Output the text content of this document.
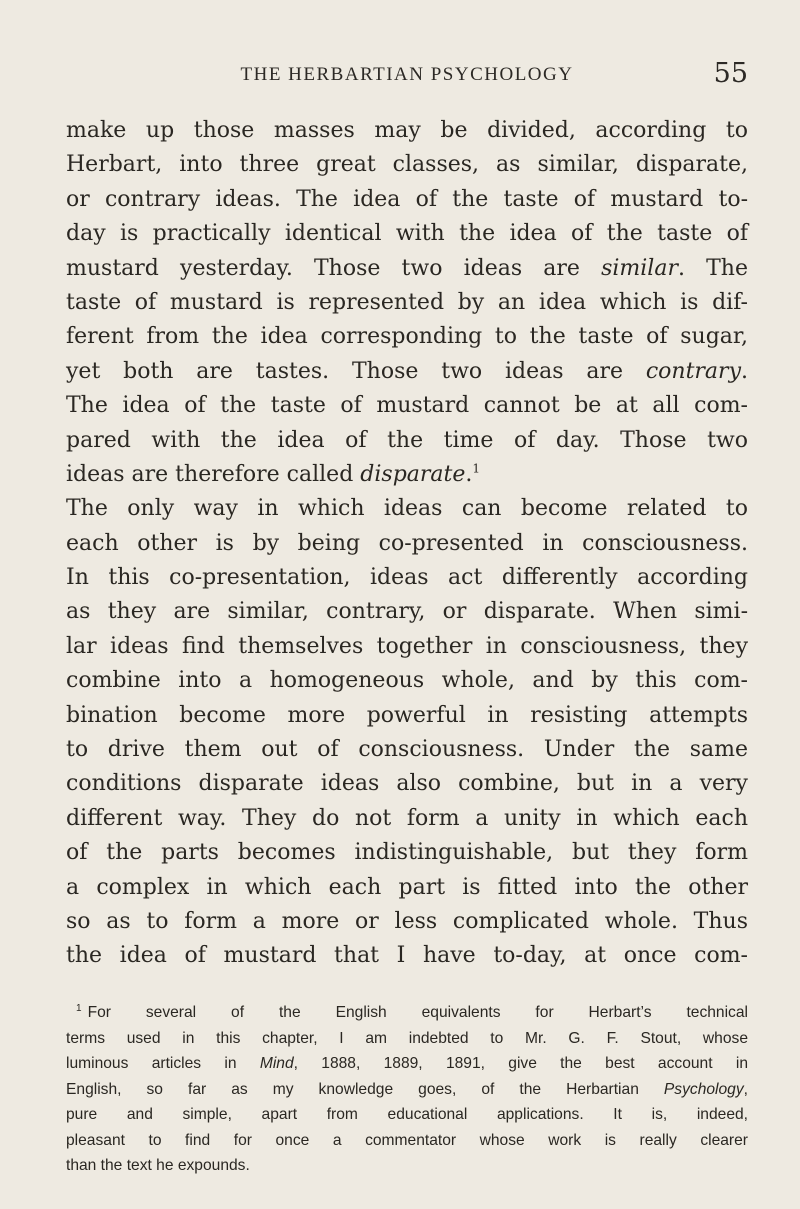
THE HERBARTIAN PSYCHOLOGY	55
make up those masses may be divided, according to
Herbart, into three great classes, as similar, disparate,
or contrary ideas. The idea of the taste of mustard to-
day is practically identical with the idea of the taste of
mustard yesterday. Those two ideas are similar. The
taste of mustard is represented by an idea which is dif-
ferent from the idea corresponding to the taste of sugar,
yet both are tastes. Those two ideas are contrary.
The idea of the taste of mustard cannot be at all com-
pared with the idea of the time of day. Those two
ideas are therefore called disparate.$^1$
The only way in which ideas can become related to
each other is by being co-presented in consciousness.
In this co-presentation, ideas act differently according
as they are similar, contrary, or disparate. When simi-
lar ideas find themselves together in consciousness, they
combine into a homogeneous whole, and by this com-
bination become more powerful in resisting attempts
to drive them out of consciousness. Under the same
conditions disparate ideas also combine, but in a very
different way. They do not form a unity in which each
of the parts becomes indistinguishable, but they form
a complex in which each part is fitted into the other
so as to form a more or less complicated whole. Thus
the idea of mustard that I have to-day, at once com-
$^1$ For several of the English equivalents for Herbart’s technical
terms used in this chapter, I am indebted to Mr. G. F. Stout, whose
luminous articles in Mind, 1888, 1889, 1891, give the best account in
English, so far as my knowledge goes, of the Herbartian Psychology,
pure and simple, apart from educational applications. It is, indeed,
pleasant to find for once a commentator whose work is really clearer
than the text he expounds.
